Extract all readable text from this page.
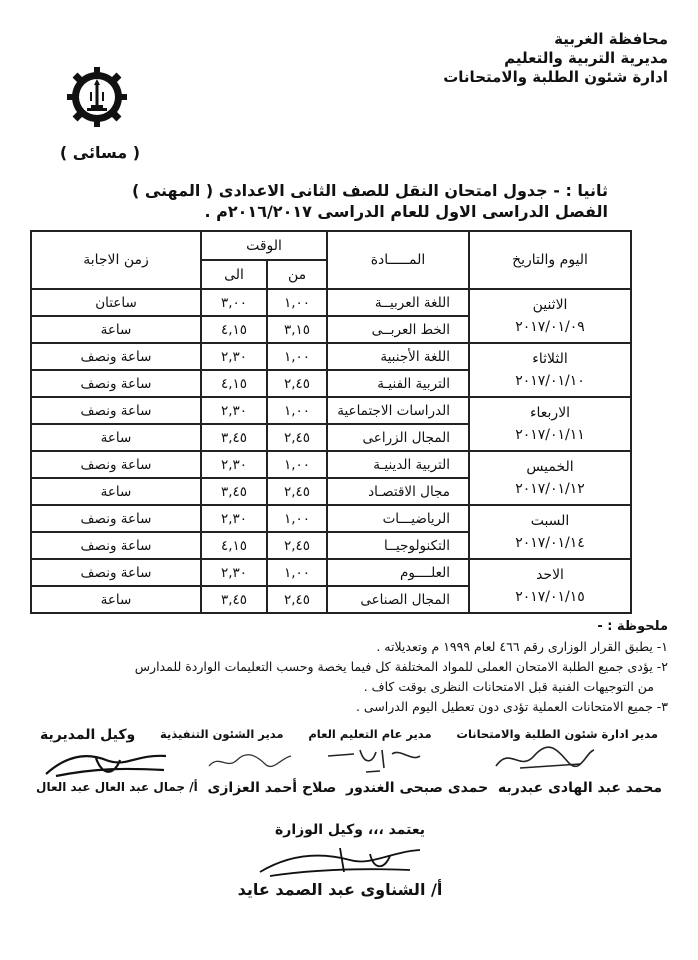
محافظة الغربية
مديرية التربية والتعليم
ادارة شئون الطلبة والامتحانات
( مسائى )
ثانيا : - جدول امتحان النقل للصف الثانى الاعدادى ( المهنى )
الفصل الدراسى الاول للعام الدراسى ٢٠١٦/٢٠١٧م .
اليوم والتاريخ	المـــــادة	الوقت		زمن الاجابة
		من	الى	

الاثنين
٢٠١٧/٠١/٠٩	اللغة العربيــة	١,٠٠	٣,٠٠	ساعتان
	الخط العربــى	٣,١٥	٤,١٥	ساعة

الثلاثاء
٢٠١٧/٠١/١٠	اللغة الأجنبية	١,٠٠	٢,٣٠	ساعة ونصف
	التربية الفنيـة	٢,٤٥	٤,١٥	ساعة ونصف

الاربعاء
٢٠١٧/٠١/١١	الدراسات الاجتماعية	١,٠٠	٢,٣٠	ساعة ونصف
	المجال الزراعى	٢,٤٥	٣,٤٥	ساعة

الخميس
٢٠١٧/٠١/١٢	التربية الدينيـة	١,٠٠	٢,٣٠	ساعة ونصف
	مجال الاقتصـاد	٢,٤٥	٣,٤٥	ساعة

السبت
٢٠١٧/٠١/١٤	الرياضيـــات	١,٠٠	٢,٣٠	ساعة ونصف
	التكنولوجيــا	٢,٤٥	٤,١٥	ساعة ونصف

الاحد
٢٠١٧/٠١/١٥	العلــــوم	١,٠٠	٢,٣٠	ساعة ونصف
	المجال الصناعى	٢,٤٥	٣,٤٥	ساعة
ملحوظة : -
١- يطبق القرار الوزارى رقم ٤٦٦ لعام ١٩٩٩ م وتعديلاته .
٢- يؤدى جميع الطلبة الامتحان العملى للمواد المختلفة كل فيما يخصة وحسب التعليمات الواردة للمدارس
من التوجيهات الفنية قبل الامتحانات النظرى بوقت كاف .
٣- جميع الامتحانات العملية تؤدى دون تعطيل اليوم الدراسى .
مدير ادارة شئون الطلبة والامتحانات
مدير عام التعليم العام
مدير الشئون التنفيذية
وكيل المديرية
محمد عبد الهادى عبدربه
حمدى صبحى الغندور
صلاح أحمد العزازى
أ/ جمال عبد العال عبد العال
يعتمد ،،، وكيل الوزارة
أ/ الشناوى عبد الصمد عايد
